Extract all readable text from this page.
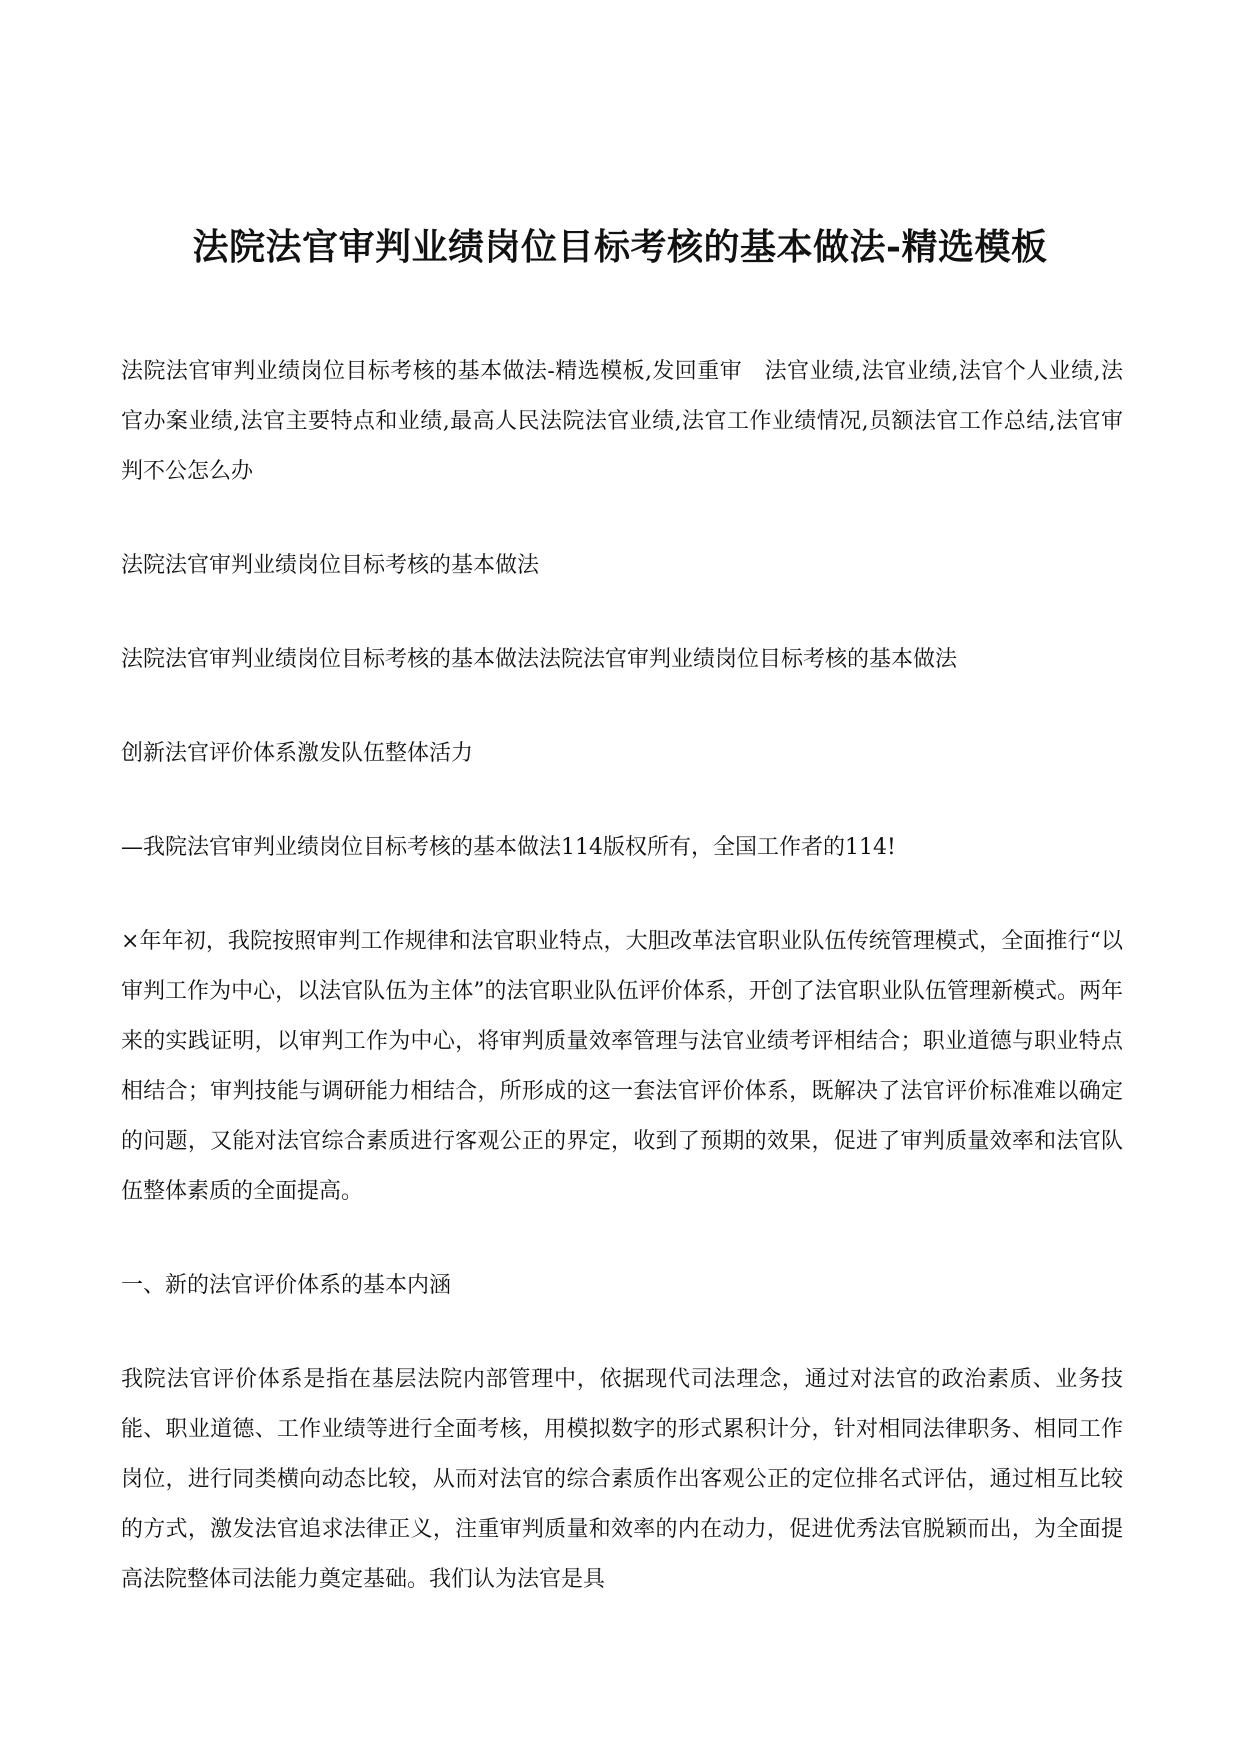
法院法官审判业绩岗位目标考核的基本做法-精选模板

法院法官审判业绩岗位目标考核的基本做法-精选模板,发回重审　法官业绩,法官业绩,法官个人业绩,法官办案业绩,法官主要特点和业绩,最高人民法院法官业绩,法官工作业绩情况,员额法官工作总结,法官审判不公怎么办

法院法官审判业绩岗位目标考核的基本做法

法院法官审判业绩岗位目标考核的基本做法法院法官审判业绩岗位目标考核的基本做法

创新法官评价体系激发队伍整体活力

—我院法官审判业绩岗位目标考核的基本做法114版权所有，全国工作者的114!

×年年初，我院按照审判工作规律和法官职业特点，大胆改革法官职业队伍传统管理模式，全面推行“以审判工作为中心，以法官队伍为主体”的法官职业队伍评价体系，开创了法官职业队伍管理新模式。两年来的实践证明，以审判工作为中心，将审判质量效率管理与法官业绩考评相结合；职业道德与职业特点相结合；审判技能与调研能力相结合，所形成的这一套法官评价体系，既解决了法官评价标准难以确定的问题，又能对法官综合素质进行客观公正的界定，收到了预期的效果，促进了审判质量效率和法官队伍整体素质的全面提高。

一、新的法官评价体系的基本内涵

我院法官评价体系是指在基层法院内部管理中，依据现代司法理念，通过对法官的政治素质、业务技能、职业道德、工作业绩等进行全面考核，用模拟数字的形式累积计分，针对相同法律职务、相同工作岗位，进行同类横向动态比较，从而对法官的综合素质作出客观公正的定位排名式评估，通过相互比较的方式，激发法官追求法律正义，注重审判质量和效率的内在动力，促进优秀法官脱颖而出，为全面提高法院整体司法能力奠定基础。我们认为法官是具
